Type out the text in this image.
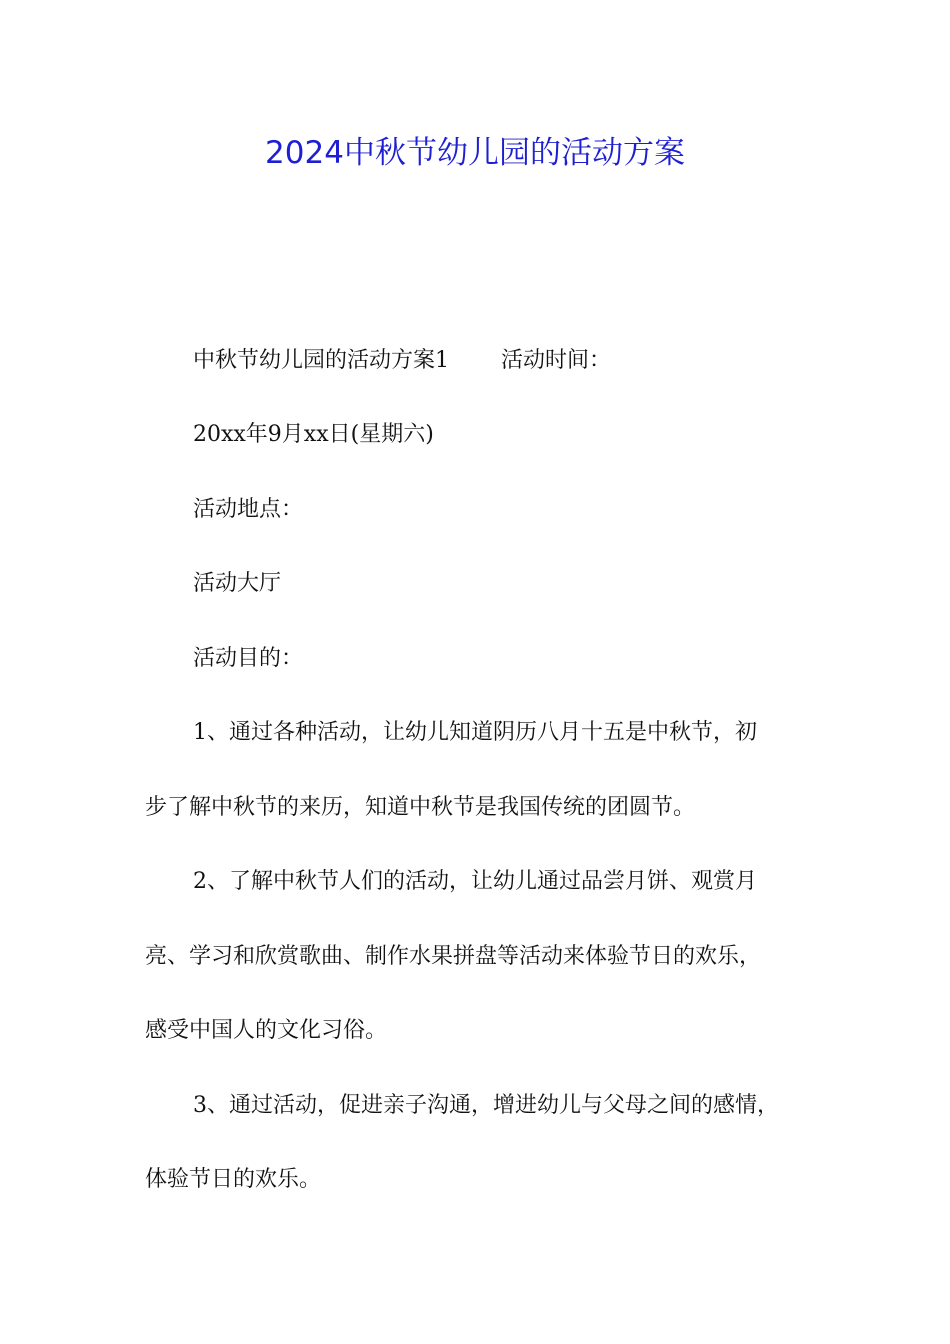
2024中秋节幼儿园的活动方案
中秋节幼儿园的活动方案1 活动时间：
20xx年9月xx日(星期六)
活动地点：
活动大厅
活动目的：
1、通过各种活动，让幼儿知道阴历八月十五是中秋节，初
步了解中秋节的来历，知道中秋节是我国传统的团圆节。
2、了解中秋节人们的活动，让幼儿通过品尝月饼、观赏月
亮、学习和欣赏歌曲、制作水果拼盘等活动来体验节日的欢乐，
感受中国人的文化习俗。
3、通过活动，促进亲子沟通，增进幼儿与父母之间的感情，
体验节日的欢乐。
